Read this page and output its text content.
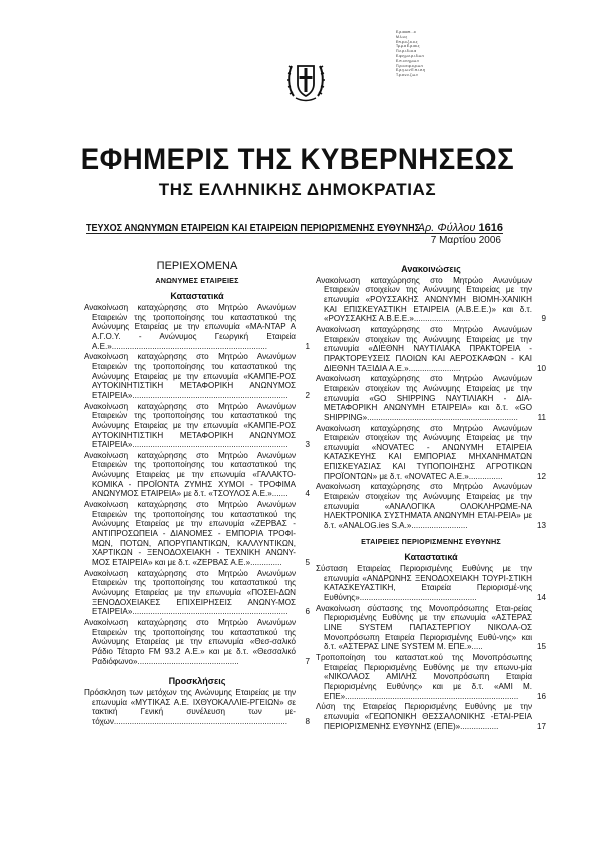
Ε.ρ.οκοπ…ο
Μ.λ.υ.ς
Επ.ρ.ο.ζ.κ.ο.ς
Τμ.μ.α Ε.ρ.οκ.ς
Π.ε.ρ.ι.δ.ι.κ.α
Ε.φ.η.μ.ε.ρ.ι.δ.ω.ν
Ε.π.ι.σ.η.μ.ω.ν
Π.ρ.ο.σ.φ.ο.ρ.ω.ν
Ε.ρ.γ.ω.ν Ε.π.ι.σ.η
Τ.ρ.α.ν.ε.ζ.ω.ν
ΕΦΗΜΕΡΙΣ ΤΗΣ ΚΥΒΕΡΝΗΣΕΩΣ
ΤΗΣ ΕΛΛΗΝΙΚΗΣ ΔΗΜΟΚΡΑΤΙΑΣ
ΤΕΥΧΟΣ ΑΝΩΝΥΜΩΝ ΕΤΑΙΡΕΙΩΝ ΚΑΙ ΕΤΑΙΡΕΙΩΝ ΠΕΡΙΩΡΙΣΜΕΝΗΣ ΕΥΘΥΝΗΣ
Αρ. Φύλλου 1616
7 Μαρτίου 2006
ΠΕΡΙΕΧΟΜΕΝΑ
ΑΝΩΝΥΜΕΣ ΕΤΑΙΡΕΙΕΣ
Καταστατικά
Ανακοίνωση καταχώρησης στο Μητρώο Ανωνύμων Εταιρειών της τροποποίησης του καταστατικού της Ανώνυμης Εταιρείας με την επωνυμία «ΜΑ-ΝΤΑΡ Α Α.Γ.Ο.Υ. - Ανώνυμος Γεωργική Εταιρεία Α.Ε.».....................................................................	1
Ανακοίνωση καταχώρησης στο Μητρώο Ανωνύμων Εταιρειών της τροποποίησης του καταστατικού της Ανώνυμης Εταιρείας με την επωνυμία «ΚΑΜΠΕ-ΡΟΣ ΑΥΤΟΚΙΝΗΤΙΣΤΙΚΗ ΜΕΤΑΦΟΡΙΚΗ ΑΝΩΝΥΜΟΣ ΕΤΑΙΡΕΙΑ».....................................................................	2
Ανακοίνωση καταχώρησης στο Μητρώο Ανωνύμων Εταιρειών της τροποποίησης του καταστατικού της Ανώνυμης Εταιρείας με την επωνυμία «ΚΑΜΠΕ-ΡΟΣ ΑΥΤΟΚΙΝΗΤΙΣΤΙΚΗ ΜΕΤΑΦΟΡΙΚΗ ΑΝΩΝΥΜΟΣ ΕΤΑΙΡΕΙΑ».....................................................................	3
Ανακοίνωση καταχώρησης στο Μητρώο Ανωνύμων Εταιρειών της τροποποίησης του καταστατικού της Ανώνυμης Εταιρείας με την επωνυμία «ΓΑΛΑΚΤΟ-ΚΟΜΙΚΑ - ΠΡΟΪΟΝΤΑ ΖΥΜΗΣ ΧΥΜΟΙ - ΤΡΟΦΙΜΑ ΑΝΩΝΥΜΟΣ ΕΤΑΙΡΕΙΑ» με δ.τ. «ΤΣΟΥΛΟΣ Α.Ε.».......	4
Ανακοίνωση καταχώρησης στο Μητρώο Ανωνύμων Εταιρειών της τροποποίησης του καταστατικού της Ανώνυμης Εταιρείας με την επωνυμία «ΖΕΡΒΑΣ - ΑΝΤΙΠΡΟΣΩΠΕΙΑ - ΔΙΑΝΟΜΕΣ - ΕΜΠΟΡΙΑ ΤΡΟΦΙ-ΜΩΝ, ΠΟΤΩΝ, ΑΠΟΡΥΠΑΝΤΙΚΩΝ, ΚΑΛΛΥΝΤΙΚΩΝ, ΧΑΡΤΙΚΩΝ - ΞΕΝΟΔΟΧΕΙΑΚΗ - ΤΕΧΝΙΚΗ ΑΝΩΝΥ-ΜΟΣ ΕΤΑΙΡΕΙΑ» και με δ.τ. «ΖΕΡΒΑΣ Α.Ε.»..............	5
Ανακοίνωση καταχώρησης στο Μητρώο Ανωνύμων Εταιρειών της τροποποίησης του καταστατικού της Ανώνυμης Εταιρείας με την επωνυμία «ΠΟΣΕΙ-ΔΩΝ ΞΕΝΟΔΟΧΕΙΑΚΕΣ ΕΠΙΧΕΙΡΗΣΕΙΣ ΑΝΩΝΥ-ΜΟΣ ΕΤΑΙΡΕΙΑ».....................................................................	6
Ανακοίνωση καταχώρησης στο Μητρώο Ανωνύμων Εταιρειών της τροποποίησης του καταστατικού της Ανώνυμης Εταιρείας με την επωνυμία «Θεσ-σαλικό Ράδιο Τέταρτο FM 93.2 Α.Ε.» και με δ.τ. «Θεσσαλικό Ραδιόφωνο».............................................	7
Προσκλήσεις
Πρόσκληση των μετόχων της Ανώνυμης Εταιρείας με την επωνυμία «ΜΥΤΙΚΑΣ Α.Ε. ΙΧΘΥΟΚΑΛΛΙΕ-ΡΓΕΙΩΝ» σε τακτική Γενική συνέλευση των με-τόχων.............................................................................	8
Ανακοινώσεις
Ανακοίνωση καταχώρησης στο Μητρώο Ανωνύμων Εταιρειών στοιχείων της Ανώνυμης Εταιρείας με την επωνυμία «ΡΟΥΣΣΑΚΗΣ ΑΝΩΝΥΜΗ ΒΙΟΜΗ-ΧΑΝΙΚΗ ΚΑΙ ΕΠΙΣΚΕΥΑΣΤΙΚΗ ΕΤΑΙΡΕΙΑ (Α.Β.Ε.Ε.)» και δ.τ. «ΡΟΥΣΣΑΚΗΣ Α.Β.Ε.Ε.».........................	9
Ανακοίνωση καταχώρησης στο Μητρώο Ανωνύμων Εταιρειών στοιχείων της Ανώνυμης Εταιρείας με την επωνυμία «ΔΙΕΘΝΗ ΝΑΥΤΙΛΙΑΚΑ ΠΡΑΚΤΟΡΕΙΑ - ΠΡΑΚΤΟΡΕΥΣΕΙΣ ΠΛΟΙΩΝ ΚΑΙ ΑΕΡΟΣΚΑΦΩΝ - ΚΑΙ ΔΙΕΘΝΗ ΤΑΞΙΔΙΑ Α.Ε.».......................	10
Ανακοίνωση καταχώρησης στο Μητρώο Ανωνύμων Εταιρειών στοιχείων της Ανώνυμης Εταιρείας με την επωνυμία «GO SHIPPING ΝΑΥΤΙΛΙΑΚΗ - ΔΙΑ-ΜΕΤΑΦΟΡΙΚΗ ΑΝΩΝΥΜΗ ΕΤΑΙΡΕΙΑ» και δ.τ. «GO SHIPPING»...................................................................	11
Ανακοίνωση καταχώρησης στο Μητρώο Ανωνύμων Εταιρειών στοιχείων της Ανώνυμης Εταιρείας με την επωνυμία «NOVATEC - ΑΝΩΝΥΜΗ ΕΤΑΙΡΕΙΑ ΚΑΤΑΣΚΕΥΗΣ ΚΑΙ ΕΜΠΟΡΙΑΣ ΜΗΧΑΝΗΜΑΤΩΝ ΕΠΙΣΚΕΥΑΣΙΑΣ ΚΑΙ ΤΥΠΟΠΟΙΗΣΗΣ ΑΓΡΟΤΙΚΩΝ ΠΡΟΪΟΝΤΩΝ» με δ.τ. «NOVATEC Α.Ε.»...............	12
Ανακοίνωση καταχώρησης στο Μητρώο Ανωνύμων Εταιρειών στοιχείων της Ανώνυμης Εταιρείας με την επωνυμία «ΑΝΑΛΟΓΙΚΑ ΟΛΟΚΛΗΡΩΜΕ-ΝΑ ΗΛΕΚΤΡΟΝΙΚΑ ΣΥΣΤΗΜΑΤΑ ΑΝΩΝΥΜΗ ΕΤΑΙ-ΡΕΙΑ» με δ.τ. «ANALOG.ies S.A.».........................	13
ΕΤΑΙΡΕΙΕΣ ΠΕΡΙΟΡΙΣΜΕΝΗΣ ΕΥΘΥΝΗΣ
Καταστατικά
Σύσταση Εταιρείας Περιορισμένης Ευθύνης με την επωνυμία «ΑΝΔΡΩΝΗΣ ΞΕΝΟΔΟΧΕΙΑΚΗ ΤΟΥΡΙ-ΣΤΙΚΗ ΚΑΤΑΣΚΕΥΑΣΤΙΚΗ, Εταιρεία Περιορισμέ-νης Ευθύνης»....................................................	14
Ανακοίνωση σύστασης της Μονοπρόσωπης Εται-ρείας Περιορισμένης Ευθύνης με την επωνυμία «ΑΣΤΕΡΑΣ LINE SYSTEM ΠΑΠΑΣΤΕΡΓΙΟΥ ΝΙΚΟΛΑ-ΟΣ Μονοπρόσωπη Εταιρεία Περιορισμένης Ευθύ-νης» και δ.τ. «ΑΣΤΕΡΑΣ LINE SYSTEM Μ. ΕΠΕ.».....	15
Τροποποίηση του καταστατ.κού της Μονοπρόσωπης Εταιρείας Περιορισμένης Ευθύνης με την επωνυ-μία «ΝΙΚΟΛΑΟΣ ΑΜΙΛΗΣ Μονοπρόσωπη Εταιρία Περιορισμένης Ευθύνης» και με δ.τ. «ΑΜΙ Μ. ΕΠΕ».............................................................................	16
Λύση της Εταιρείας Περιορισμένης Ευθύνης με την επωνυμία «ΓΕΩΠΟΝΙΚΗ ΘΕΣΣΑΛΟΝΙΚΗΣ -ΕΤΑΙ-ΡΕΙΑ ΠΕΡΙΟΡΙΣΜΕΝΗΣ ΕΥΘΥΝΗΣ (ΕΠΕ)».................	17
